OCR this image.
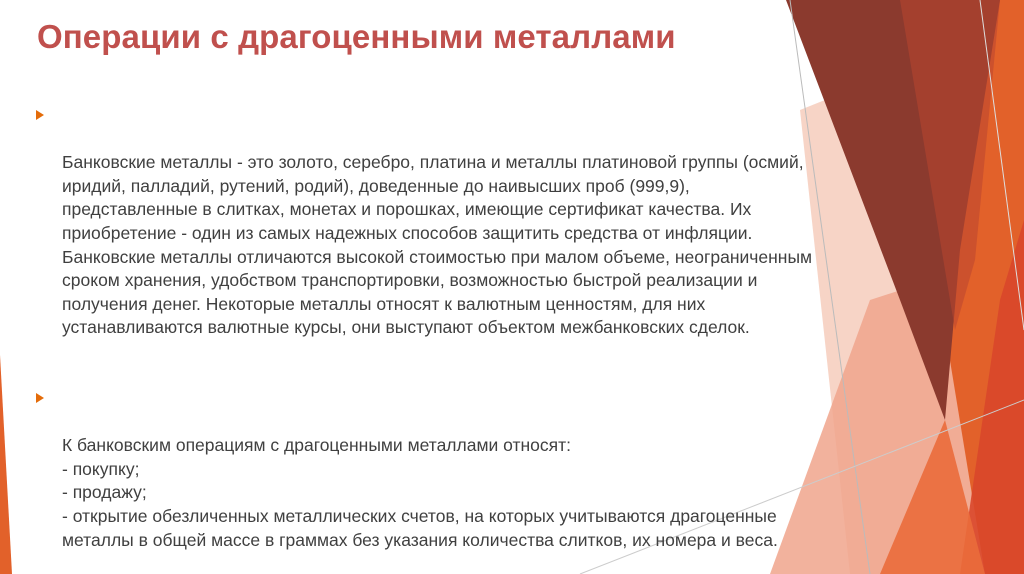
Операции с драгоценными металлами

Банковские металлы - это золото, серебро, платина и металлы платиновой группы (осмий, иридий, палладий, рутений, родий), доведенные до наивысших проб (999,9), представленные в слитках, монетах и порошках, имеющие сертификат качества. Их приобретение - один из самых надежных способов защитить средства от инфляции. Банковские металлы отличаются высокой стоимостью при малом объеме, неограниченным сроком хранения, удобством транспортировки, возможностью быстрой реализации и получения денег. Некоторые металлы относят к валютным ценностям, для них устанавливаются валютные курсы, они выступают объектом межбанковских сделок.

К банковским операциям с драгоценными металлами относят:
- покупку;
- продажу;
- открытие обезличенных металлических счетов, на которых учитываются драгоценные металлы в общей массе в граммах без указания количества слитков, их номера и веса.
